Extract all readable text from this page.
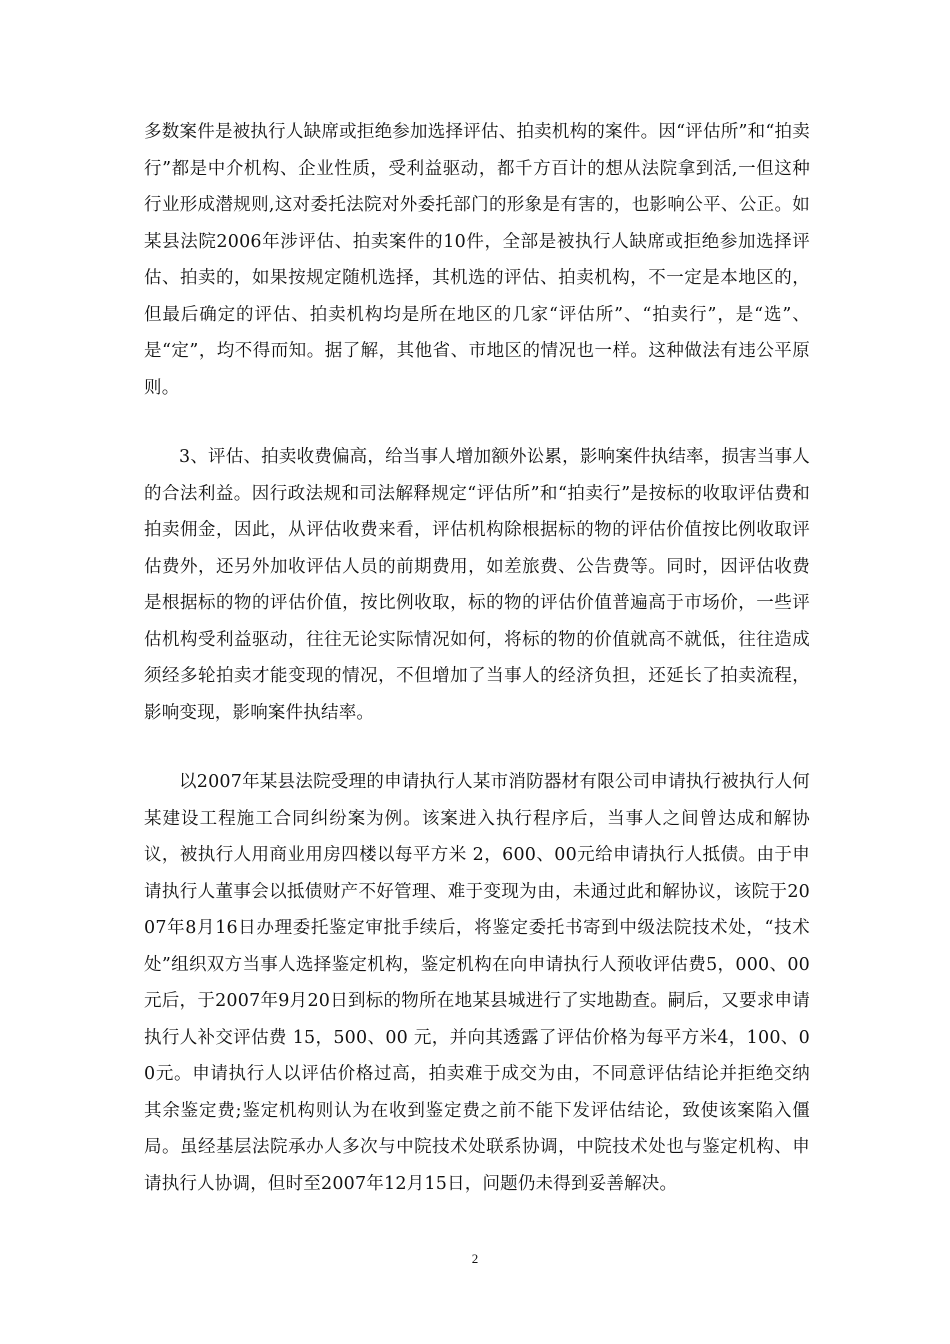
多数案件是被执行人缺席或拒绝参加选择评估、拍卖机构的案件。因“评估所”和“拍卖行”都是中介机构、企业性质，受利益驱动，都千方百计的想从法院拿到活,一但这种行业形成潜规则,这对委托法院对外委托部门的形象是有害的，也影响公平、公正。如某县法院2006年涉评估、拍卖案件的10件，全部是被执行人缺席或拒绝参加选择评估、拍卖的，如果按规定随机选择，其机选的评估、拍卖机构，不一定是本地区的，但最后确定的评估、拍卖机构均是所在地区的几家“评估所”、“拍卖行”，是“选”、是“定”，均不得而知。据了解，其他省、市地区的情况也一样。这种做法有违公平原则。

3、评估、拍卖收费偏高，给当事人增加额外讼累，影响案件执结率，损害当事人的合法利益。因行政法规和司法解释规定“评估所”和“拍卖行”是按标的收取评估费和拍卖佣金，因此，从评估收费来看，评估机构除根据标的物的评估价值按比例收取评估费外，还另外加收评估人员的前期费用，如差旅费、公告费等。同时，因评估收费是根据标的物的评估价值，按比例收取，标的物的评估价值普遍高于市场价，一些评估机构受利益驱动，往往无论实际情况如何，将标的物的价值就高不就低，往往造成须经多轮拍卖才能变现的情况，不但增加了当事人的经济负担，还延长了拍卖流程，影响变现，影响案件执结率。

以2007年某县法院受理的申请执行人某市消防器材有限公司申请执行被执行人何某建设工程施工合同纠纷案为例。该案进入执行程序后，当事人之间曾达成和解协议，被执行人用商业用房四楼以每平方米 2，600、00元给申请执行人抵债。由于申请执行人董事会以抵债财产不好管理、难于变现为由，未通过此和解协议，该院于2007年8月16日办理委托鉴定审批手续后，将鉴定委托书寄到中级法院技术处，“技术处”组织双方当事人选择鉴定机构，鉴定机构在向申请执行人预收评估费5，000、00元后，于2007年9月20日到标的物所在地某县城进行了实地勘查。嗣后，又要求申请执行人补交评估费 15，500、00 元，并向其透露了评估价格为每平方米4，100、00元。申请执行人以评估价格过高，拍卖难于成交为由，不同意评估结论并拒绝交纳其余鉴定费;鉴定机构则认为在收到鉴定费之前不能下发评估结论，致使该案陷入僵局。虽经基层法院承办人多次与中院技术处联系协调，中院技术处也与鉴定机构、申请执行人协调，但时至2007年12月15日，问题仍未得到妥善解决。

2
